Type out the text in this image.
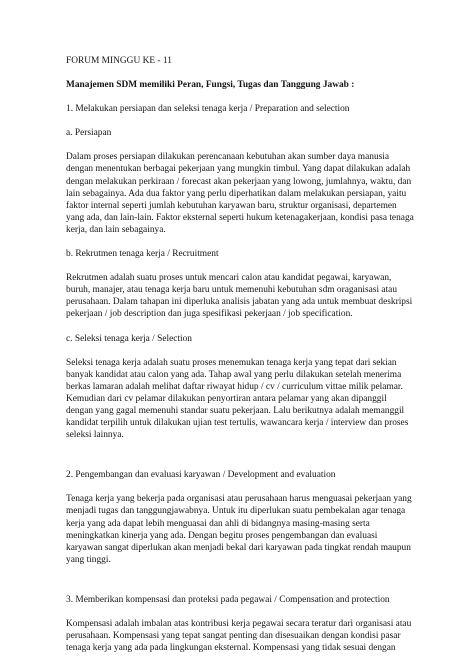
FORUM MINGGU KE - 11

Manajemen SDM memiliki Peran, Fungsi, Tugas dan Tanggung Jawab :

1. Melakukan persiapan dan seleksi tenaga kerja / Preparation and selection

a. Persiapan

Dalam proses persiapan dilakukan perencanaan kebutuhan akan sumber daya manusia dengan menentukan berbagai pekerjaan yang mungkin timbul. Yang dapat dilakukan adalah dengan melakukan perkiraan / forecast akan pekerjaan yang lowong, jumlahnya, waktu, dan lain sebagainya. Ada dua faktor yang perlu diperhatikan dalam melakukan persiapan, yaitu faktor internal seperti jumlah kebutuhan karyawan baru, struktur organisasi, departemen yang ada, dan lain-lain. Faktor eksternal seperti hukum ketenagakerjaan, kondisi pasa tenaga kerja, dan lain sebagainya.

b. Rekrutmen tenaga kerja / Recruitment

Rekrutmen adalah suatu proses untuk mencari calon atau kandidat pegawai, karyawan, buruh, manajer, atau tenaga kerja baru untuk memenuhi kebutuhan sdm oraganisasi atau perusahaan. Dalam tahapan ini diperluka analisis jabatan yang ada untuk membuat deskripsi pekerjaan / job description dan juga spesifikasi pekerjaan / job specification.

c. Seleksi tenaga kerja / Selection

Seleksi tenaga kerja adalah suatu proses menemukan tenaga kerja yang tepat dari sekian banyak kandidat atau calon yang ada. Tahap awal yang perlu dilakukan setelah menerima berkas lamaran adalah melihat daftar riwayat hidup / cv / curriculum vittae milik pelamar. Kemudian dari cv pelamar dilakukan penyortiran antara pelamar yang akan dipanggil dengan yang gagal memenuhi standar suatu pekerjaan. Lalu berikutnya adalah memanggil kandidat terpilih untuk dilakukan ujian test tertulis, wawancara kerja / interview dan proses seleksi lainnya.

2. Pengembangan dan evaluasi karyawan / Development and evaluation

Tenaga kerja yang bekerja pada organisasi atau perusahaan harus menguasai pekerjaan yang menjadi tugas dan tanggungjawabnya. Untuk itu diperlukan suatu pembekalan agar tenaga kerja yang ada dapat lebih menguasai dan ahli di bidangnya masing-masing serta meningkatkan kinerja yang ada. Dengan begitu proses pengembangan dan evaluasi karyawan sangat diperlukan akan menjadi bekal dari karyawan pada tingkat rendah maupun yang tinggi.

3. Memberikan kompensasi dan proteksi pada pegawai / Compensation and protection

Kompensasi adalah imbalan atas kontribusi kerja pegawai secara teratur dari organisasi atau perusahaan. Kompensasi yang tepat sangat penting dan disesuaikan dengan kondisi pasar tenaga kerja yang ada pada lingkungan eksternal. Kompensasi yang tidak sesuai dengan
